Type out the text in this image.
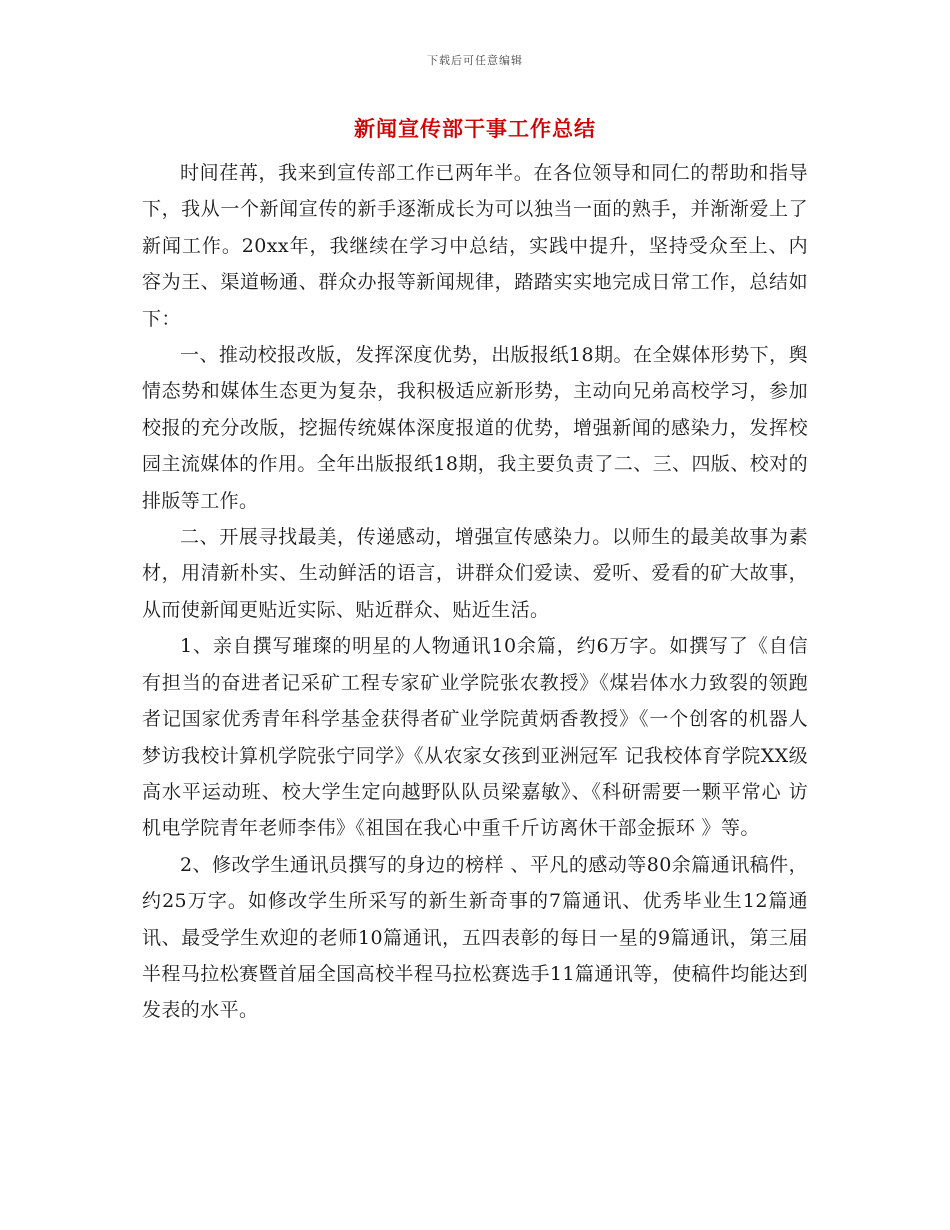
下载后可任意编辑
新闻宣传部干事工作总结

时间荏苒，我来到宣传部工作已两年半。在各位领导和同仁的帮助和指导下，我从一个新闻宣传的新手逐渐成长为可以独当一面的熟手，并渐渐爱上了新闻工作。20xx年，我继续在学习中总结，实践中提升，坚持受众至上、内容为王、渠道畅通、群众办报等新闻规律，踏踏实实地完成日常工作，总结如下：

一、推动校报改版，发挥深度优势，出版报纸18期。在全媒体形势下，舆情态势和媒体生态更为复杂，我积极适应新形势，主动向兄弟高校学习，参加校报的充分改版，挖掘传统媒体深度报道的优势，增强新闻的感染力，发挥校园主流媒体的作用。全年出版报纸18期，我主要负责了二、三、四版、校对的排版等工作。

二、开展寻找最美，传递感动，增强宣传感染力。以师生的最美故事为素材，用清新朴实、生动鲜活的语言，讲群众们爱读、爱听、爱看的矿大故事，从而使新闻更贴近实际、贴近群众、贴近生活。

1、亲自撰写璀璨的明星的人物通讯10余篇，约6万字。如撰写了《自信有担当的奋进者记采矿工程专家矿业学院张农教授》《煤岩体水力致裂的领跑者记国家优秀青年科学基金获得者矿业学院黄炳香教授》《一个创客的机器人梦访我校计算机学院张宁同学》《从农家女孩到亚洲冠军 记我校体育学院XX级高水平运动班、校大学生定向越野队队员梁嘉敏》、《科研需要一颗平常心 访机电学院青年老师李伟》《祖国在我心中重千斤访离休干部金振环 》等。

2、修改学生通讯员撰写的身边的榜样 、平凡的感动等80余篇通讯稿件，约25万字。如修改学生所采写的新生新奇事的7篇通讯、优秀毕业生12篇通讯、最受学生欢迎的老师10篇通讯，五四表彰的每日一星的9篇通讯，第三届半程马拉松赛暨首届全国高校半程马拉松赛选手11篇通讯等，使稿件均能达到发表的水平。
